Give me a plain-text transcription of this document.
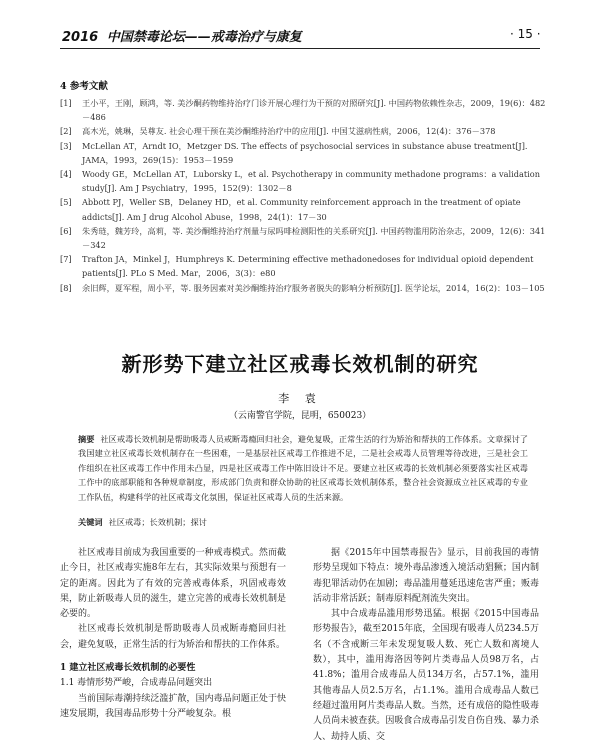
2016 中国禁毒论坛——戒毒治疗与康复	· 15 ·
4 参考文献
[1] 王小平，王刚，顾鸿，等. 美沙酮药物维持治疗门诊开展心理行为干预的对照研究[J]. 中国药物依赖性杂志，2009，19(6)：482－486
[2] 高木光，姚琳，吴尊友. 社会心理干预在美沙酮维持治疗中的应用[J]. 中国艾滋病性病，2006，12(4)：376－378
[3] McLellan AT，Arndt IO，Metzger DS. The effects of psychosocial services in substance abuse treatment[J]. JAMA，1993，269(15)：1953－1959
[4] Woody GE，McLellan AT，Luborsky L，et al. Psychotherapy in community methadone programs：a validation study[J]. Am J Psychiatry，1995，152(9)：1302－8
[5] Abbott PJ，Weller SB，Delaney HD，et al. Community reinforcement approach in the treatment of opiate addicts[J]. Am J drug Alcohol Abuse，1998，24(1)：17－30
[6] 朱秀琏，魏芳玲，高莉，等. 美沙酮维持治疗剂量与尿吗啡检测阳性的关系研究[J]. 中国药物滥用防治杂志，2009，12(6)：341－342
[7] Trafton JA，Minkel J，Humphreys K. Determining effective methadonedoses for individual opioid dependent patients[J]. PLo S Med. Mar，2006，3(3)：e80
[8] 余旧辉，夏军程，周小平，等. 服务因素对美沙酮维持治疗服务者脱失的影响分析预防[J]. 医学论坛，2014，16(2)：103－105
新形势下建立社区戒毒长效机制的研究
李 袁
（云南警官学院，昆明，650023）
摘要 社区戒毒长效机制是帮助吸毒人员戒断毒瘾回归社会，避免复吸，正常生活的行为矫治和帮扶的工作体系。文章探讨了我国建立社区戒毒长效机制存在一些困难，一是基层社区戒毒工作推进不足，二是社会戒毒人员管理等待改进，三是社会工作组织在社区戒毒工作中作用未凸显，四是社区戒毒工作中陈旧设计不足。要建立社区戒毒的长效机制必须要落实社区戒毒工作中的底部职能和各种规章制度，形成部门负责和群众协助的社区戒毒长效机制体系，整合社会资源成立社区戒毒的专业工作队伍，构建科学的社区戒毒文化氛围，保证社区戒毒人员的生活来源。
关键词 社区戒毒；长效机制；探讨

社区戒毒目前成为我国重要的一种戒毒模式。然而截止今日，社区戒毒实施8年左右，其实际效果与预想有一定的距离。因此为了有效的完善戒毒体系，巩固戒毒效果，防止新吸毒人员的滋生，建立完善的戒毒长效机制是必要的。

社区戒毒长效机制是帮助吸毒人员戒断毒瘾回归社会，避免复吸，正常生活的行为矫治和帮扶的工作体系。

1 建立社区戒毒长效机制的必要性
1.1 毒情形势严峻，合成毒品问题突出

当前国际毒潮持续泛滥扩散，国内毒品问题正处于快速发展期，我国毒品形势十分严峻复杂。根

据《2015年中国禁毒报告》显示，目前我国的毒情形势呈现如下特点：境外毒品渗透入境活动猖獗；国内制毒犯罪活动仍在加剧；毒品滥用蔓延迅速危害严重；贩毒活动非常活跃；制毒原料配剂流失突出。

其中合成毒品滥用形势迅猛。根据《2015中国毒品形势报告》，截至2015年底，全国现有吸毒人员234.5万名（不含戒断三年未发现复吸人数、死亡人数和离境人数），其中，滥用海洛因等阿片类毒品人员98万名，占41.8%；滥用合成毒品人员134万名，占57.1%，滥用其他毒品人员2.5万名，占1.1%。滥用合成毒品人数已经超过滥用阿片类毒品人数。当然，还有成倍的隐性吸毒人员尚未被查获。因吸食合成毒品引发自伤自残、暴力杀人、劫持人质、交
